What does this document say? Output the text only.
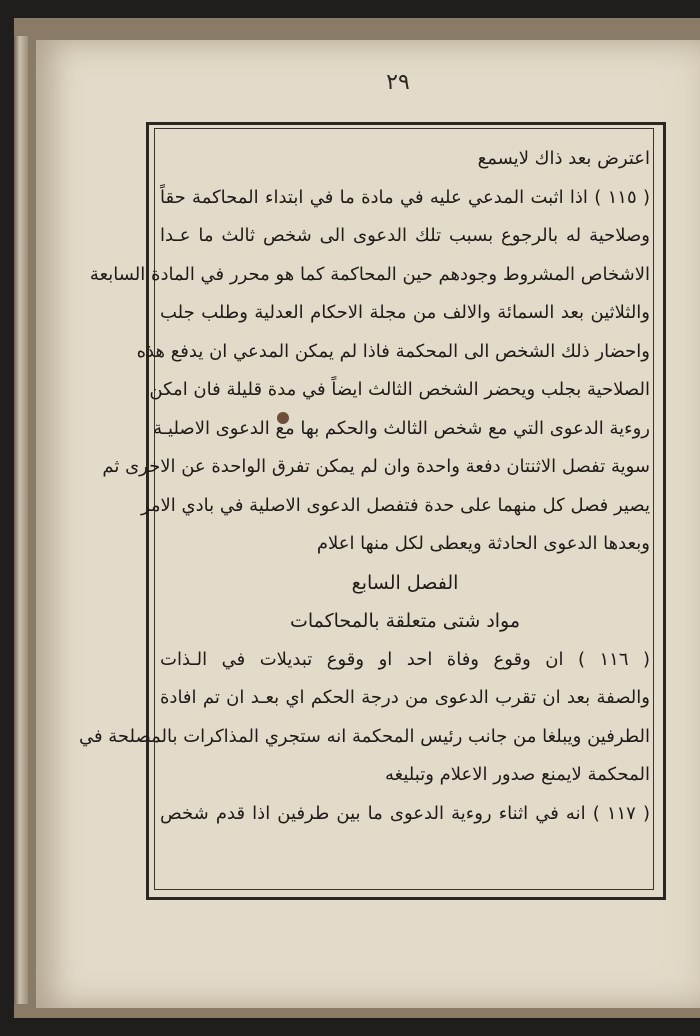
٢٩
اعترض بعد ذاك لايسمع
( ١١٥ ) اذا اثبت المدعي عليه في مادة ما في ابتداء المحاكمة حقاً
وصلاحية له بالرجوع بسبب تلك الدعوى الى شخص ثالث ما عـدا
الاشخاص المشروط وجودهم حين المحاكمة كما هو محرر في المادة السابعة
والثلاثين بعد السمائة والالف من مجلة الاحكام العدلية وطلب جلب
واحضار ذلك الشخص الى المحكمة فاذا لم يمكن المدعي ان يدفع هذه
الصلاحية بجلب ويحضر الشخص الثالث ايضاً في مدة قليلة فان امكن
روءية الدعوى التي مع شخص الثالث والحكم بها مع الدعوى الاصليـة
سوية تفصل الاثنتان دفعة واحدة وان لم يمكن تفرق الواحدة عن الاخرى ثم
يصير فصل كل منهما على حدة فتفصل الدعوى الاصلية في بادي الامر
وبعدها الدعوى الحادثة ويعطى لكل منها اعلام
الفصل السابع
مواد شتى متعلقة بالمحاكمات
( ١١٦ ) ان وقوع وفاة احد او وقوع تبديلات في الـذات
والصفة بعد ان تقرب الدعوى من درجة الحكم اي بعـد ان تم افادة
الطرفين ويبلغا من جانب رئيس المحكمة انه ستجري المذاكرات بالمصلحة في
المحكمة لايمنع صدور الاعلام وتبليغه
( ١١٧ ) انه في اثناء روءية الدعوى ما بين طرفين اذا قدم شخص
